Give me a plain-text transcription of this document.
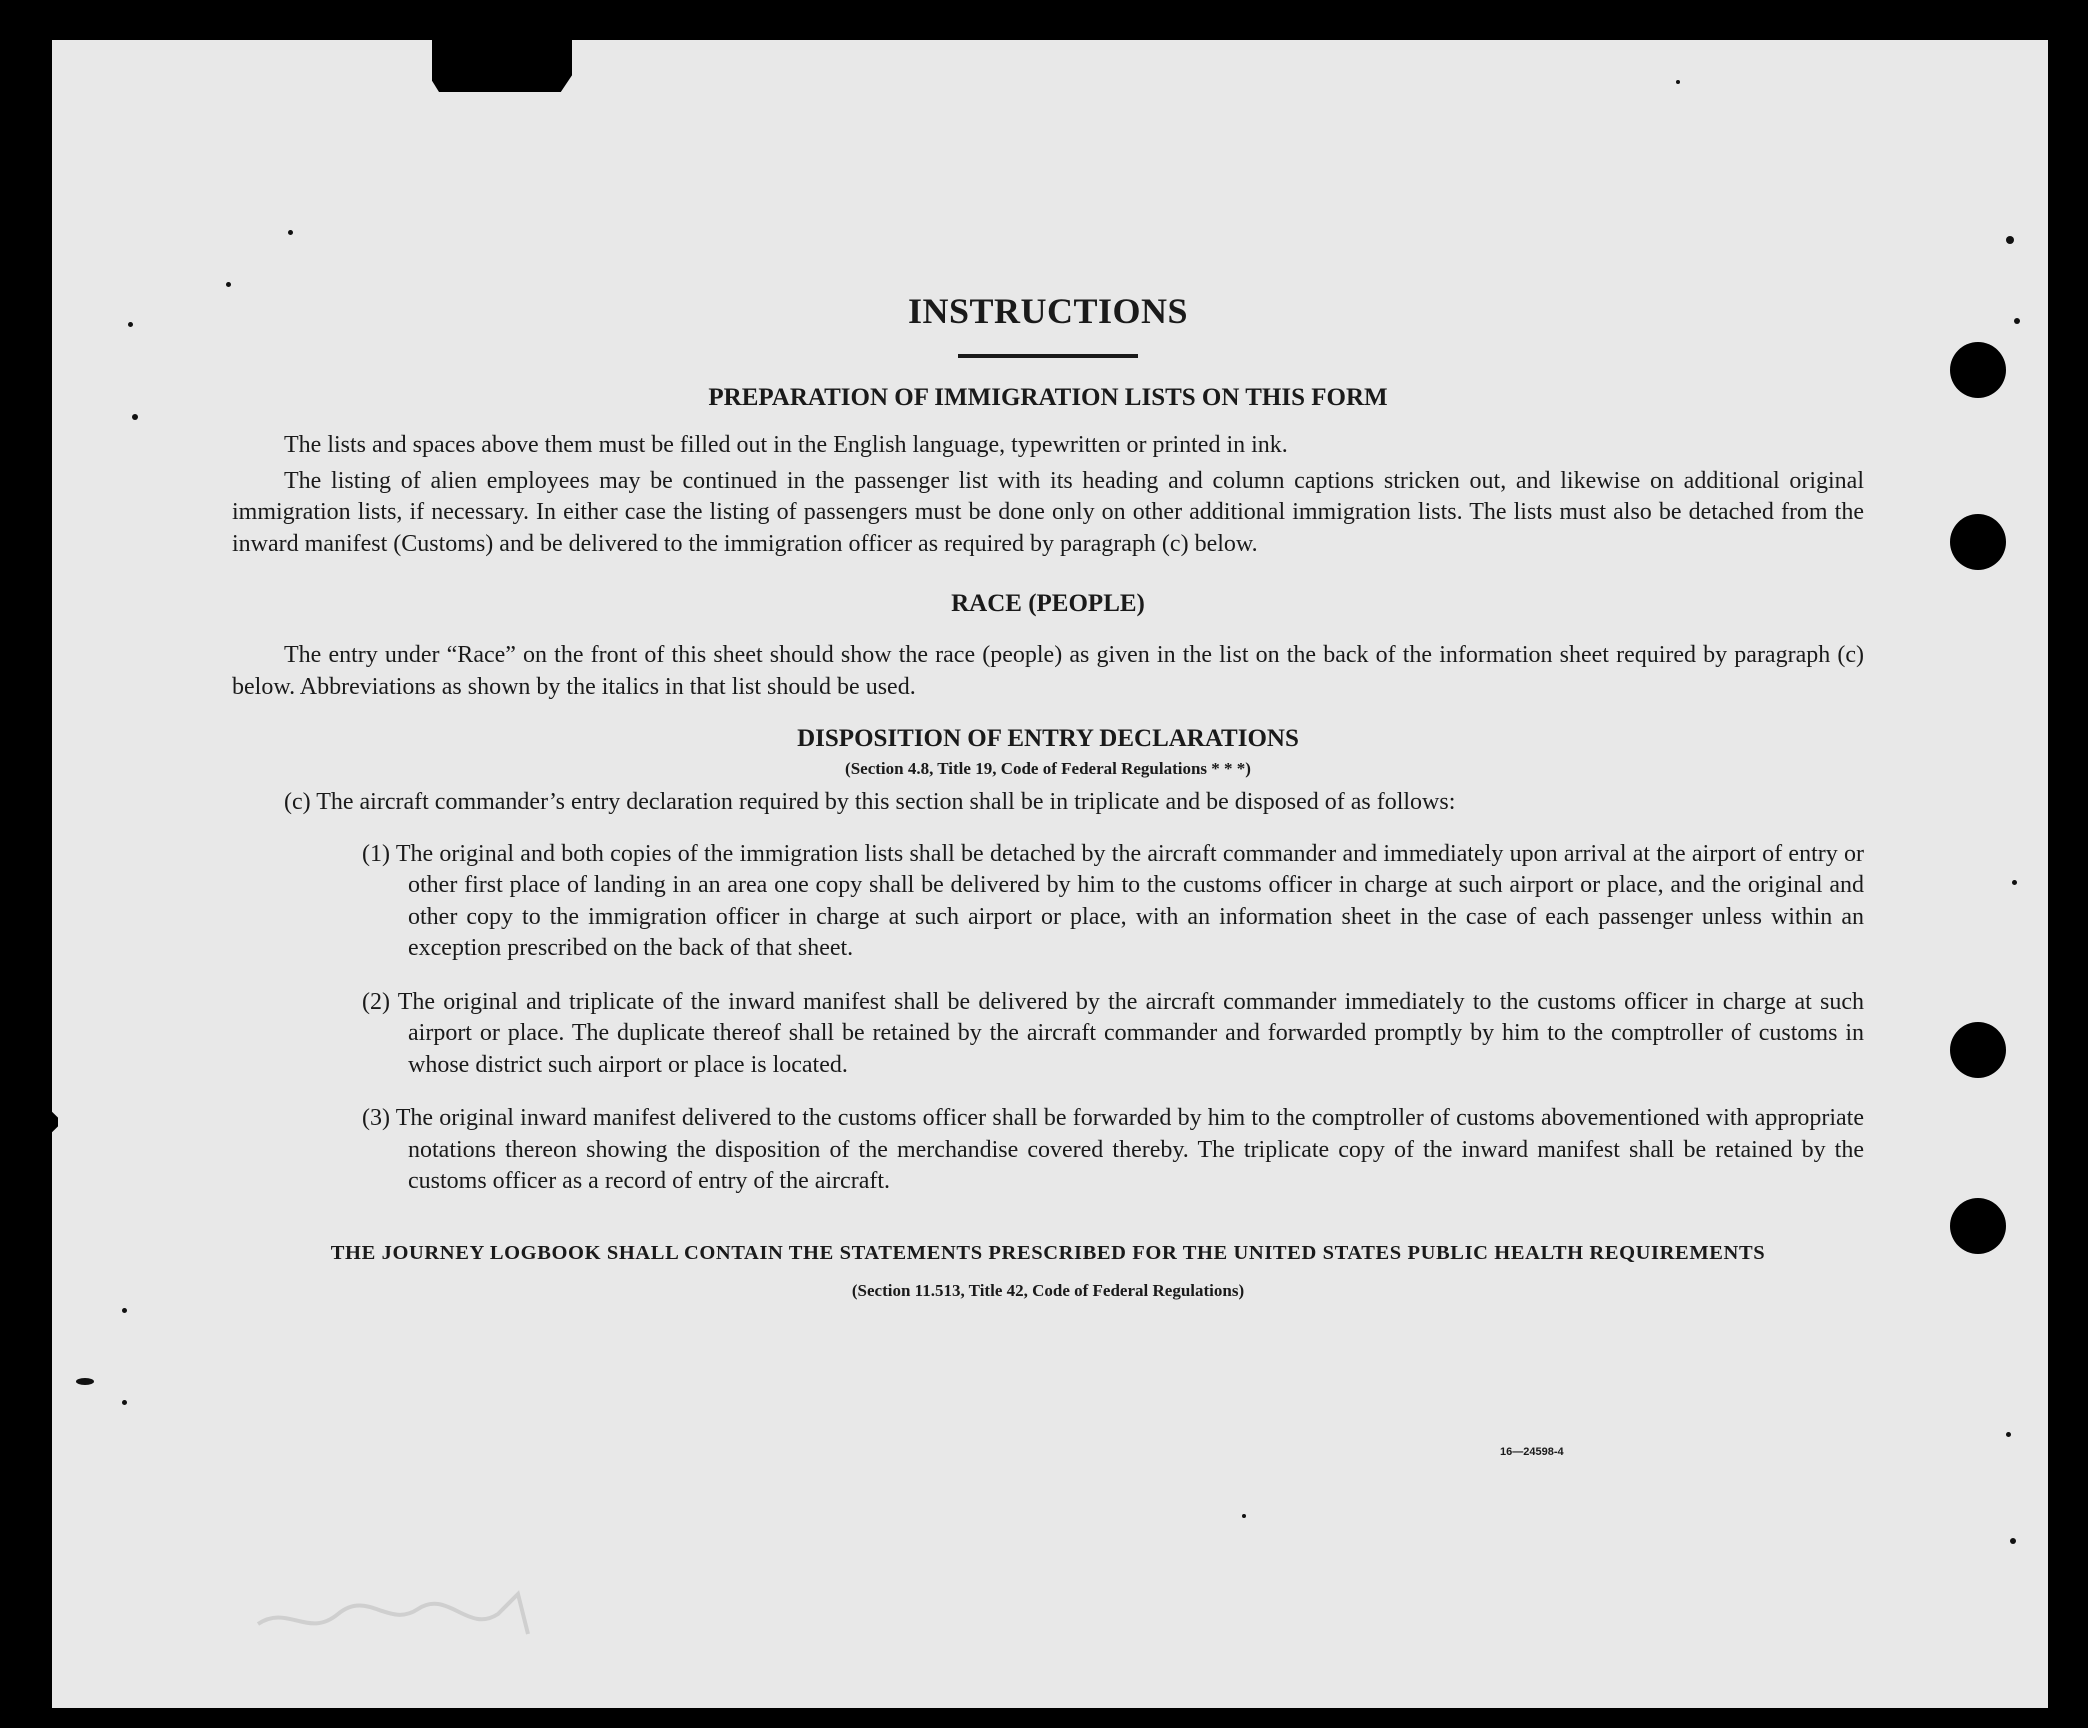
INSTRUCTIONS
PREPARATION OF IMMIGRATION LISTS ON THIS FORM

The lists and spaces above them must be filled out in the English language, typewritten or printed in ink.

The listing of alien employees may be continued in the passenger list with its heading and column captions stricken out, and likewise on additional original immigration lists, if necessary. In either case the listing of passengers must be done only on other additional immigration lists. The lists must also be detached from the inward manifest (Customs) and be delivered to the immigration officer as required by paragraph (c) below.

RACE (PEOPLE)

The entry under “Race” on the front of this sheet should show the race (people) as given in the list on the back of the information sheet required by paragraph (c) below. Abbreviations as shown by the italics in that list should be used.

DISPOSITION OF ENTRY DECLARATIONS
(Section 4.8, Title 19, Code of Federal Regulations * * *)

(c) The aircraft commander’s entry declaration required by this section shall be in triplicate and be disposed of as follows:

(1) The original and both copies of the immigration lists shall be detached by the aircraft commander and immediately upon arrival at the airport of entry or other first place of landing in an area one copy shall be delivered by him to the customs officer in charge at such airport or place, and the original and other copy to the immigration officer in charge at such airport or place, with an information sheet in the case of each passenger unless within an exception prescribed on the back of that sheet.

(2) The original and triplicate of the inward manifest shall be delivered by the aircraft commander immediately to the customs officer in charge at such airport or place. The duplicate thereof shall be retained by the aircraft commander and forwarded promptly by him to the comptroller of customs in whose district such airport or place is located.

(3) The original inward manifest delivered to the customs officer shall be forwarded by him to the comptroller of customs abovementioned with appropriate notations thereon showing the disposition of the merchandise covered thereby. The triplicate copy of the inward manifest shall be retained by the customs officer as a record of entry of the aircraft.

THE JOURNEY LOGBOOK SHALL CONTAIN THE STATEMENTS PRESCRIBED FOR THE UNITED STATES PUBLIC HEALTH REQUIREMENTS

(Section 11.513, Title 42, Code of Federal Regulations)

16—24598-4
